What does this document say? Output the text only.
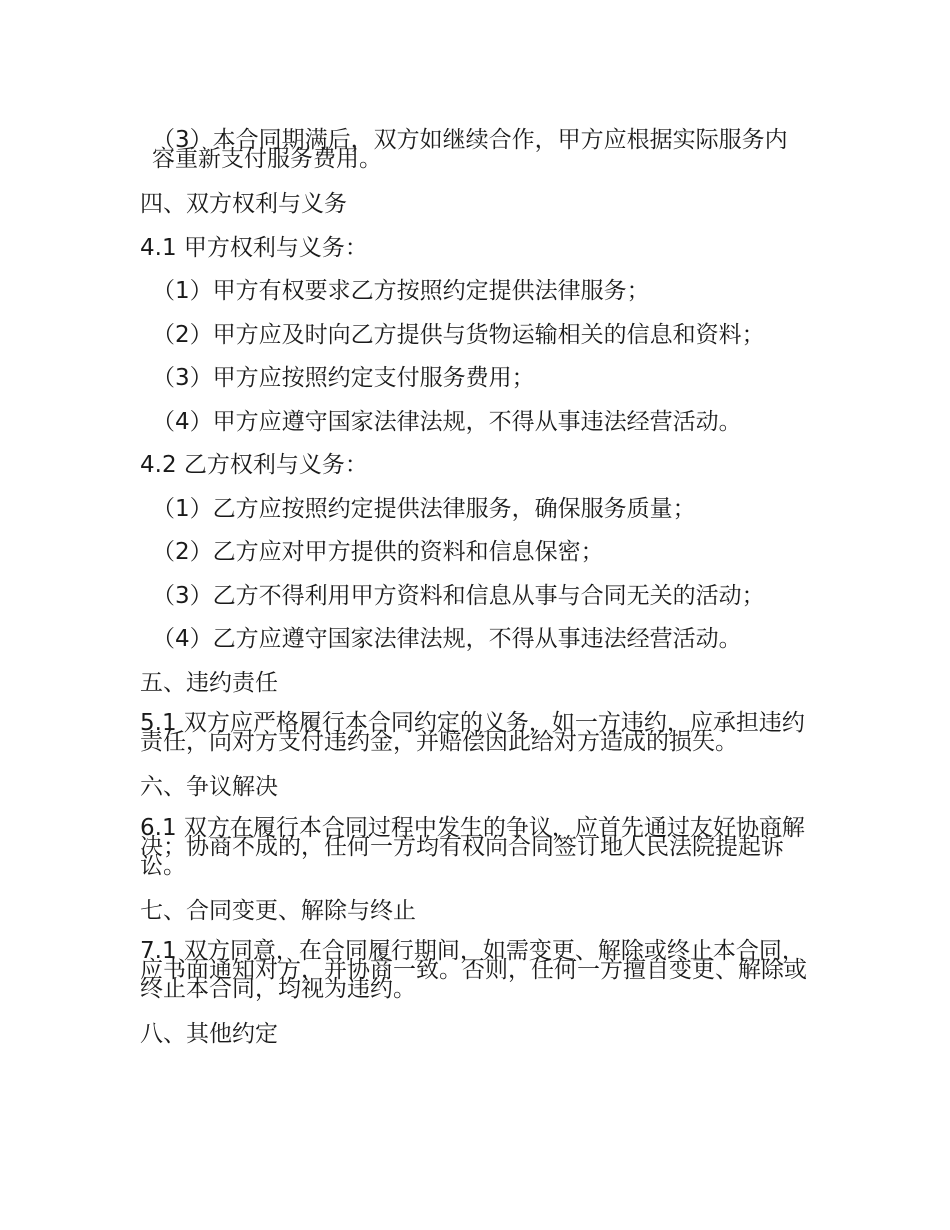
（3）本合同期满后，双方如继续合作，甲方应根据实际服务内容重新支付服务费用。

四、双方权利与义务

4.1 甲方权利与义务：

（1）甲方有权要求乙方按照约定提供法律服务；

（2）甲方应及时向乙方提供与货物运输相关的信息和资料；

（3）甲方应按照约定支付服务费用；

（4）甲方应遵守国家法律法规，不得从事违法经营活动。

4.2 乙方权利与义务：

（1）乙方应按照约定提供法律服务，确保服务质量；

（2）乙方应对甲方提供的资料和信息保密；

（3）乙方不得利用甲方资料和信息从事与合同无关的活动；

（4）乙方应遵守国家法律法规，不得从事违法经营活动。

五、违约责任

5.1 双方应严格履行本合同约定的义务，如一方违约，应承担违约责任，向对方支付违约金，并赔偿因此给对方造成的损失。

六、争议解决

6.1 双方在履行本合同过程中发生的争议，应首先通过友好协商解决；协商不成的，任何一方均有权向合同签订地人民法院提起诉讼。

七、合同变更、解除与终止

7.1 双方同意，在合同履行期间，如需变更、解除或终止本合同，应书面通知对方，并协商一致。否则，任何一方擅自变更、解除或终止本合同，均视为违约。

八、其他约定
